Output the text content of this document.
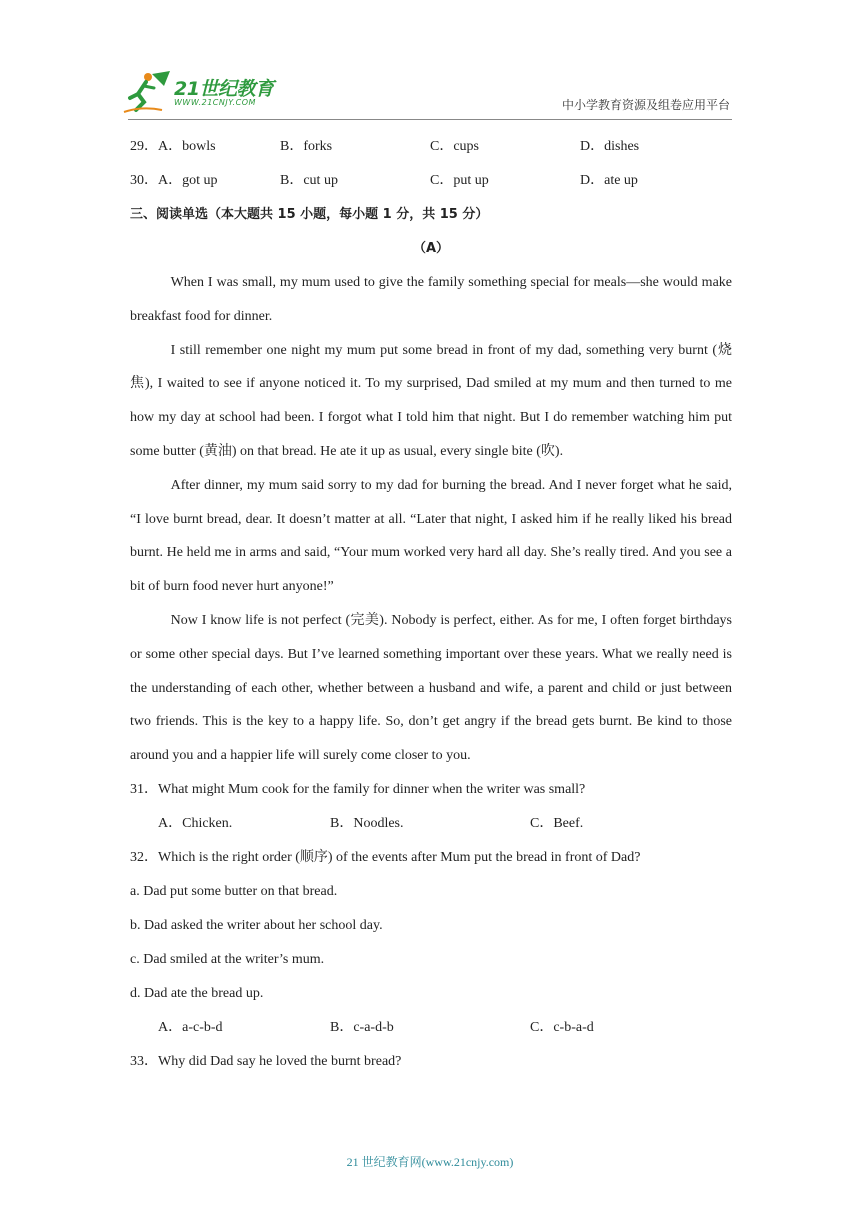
21世纪教育
WWW.21CNJY.COM	中小学教育资源及组卷应用平台
29．A．bowls	B．forks	C．cups	D．dishes
30．A．got up	B．cut up	C．put up	D．ate up
三、阅读单选（本大题共 15 小题，每小题 1 分，共 15 分）
（A）

When I was small, my mum used to give the family something special for meals—she would make breakfast food for dinner.

I still remember one night my mum put some bread in front of my dad, something very burnt (烧焦), I waited to see if anyone noticed it. To my surprised, Dad smiled at my mum and then turned to me how my day at school had been. I forgot what I told him that night. But I do remember watching him put some butter (黄油) on that bread. He ate it up as usual, every single bite (吹).

After dinner, my mum said sorry to my dad for burning the bread. And I never forget what he said, “I love burnt bread, dear. It doesn’t matter at all. “Later that night, I asked him if he really liked his bread burnt. He held me in arms and said, “Your mum worked very hard all day. She’s really tired. And you see a bit of burn food never hurt anyone!”

Now I know life is not perfect (完美). Nobody is perfect, either. As for me, I often forget birthdays or some other special days. But I’ve learned something important over these years. What we really need is the understanding of each other, whether between a husband and wife, a parent and child or just between two friends. This is the key to a happy life. So, don’t get angry if the bread gets burnt. Be kind to those around you and a happier life will surely come closer to you.

31．What might Mum cook for the family for dinner when the writer was small?
A．Chicken.	B．Noodles.	C．Beef.
32．Which is the right order (顺序) of the events after Mum put the bread in front of Dad?
a. Dad put some butter on that bread.
b. Dad asked the writer about her school day.
c. Dad smiled at the writer’s mum.
d. Dad ate the bread up.
A．a-c-b-d	B．c-a-d-b	C．c-b-a-d
33．Why did Dad say he loved the burnt bread?
21 世纪教育网(www.21cnjy.com)
